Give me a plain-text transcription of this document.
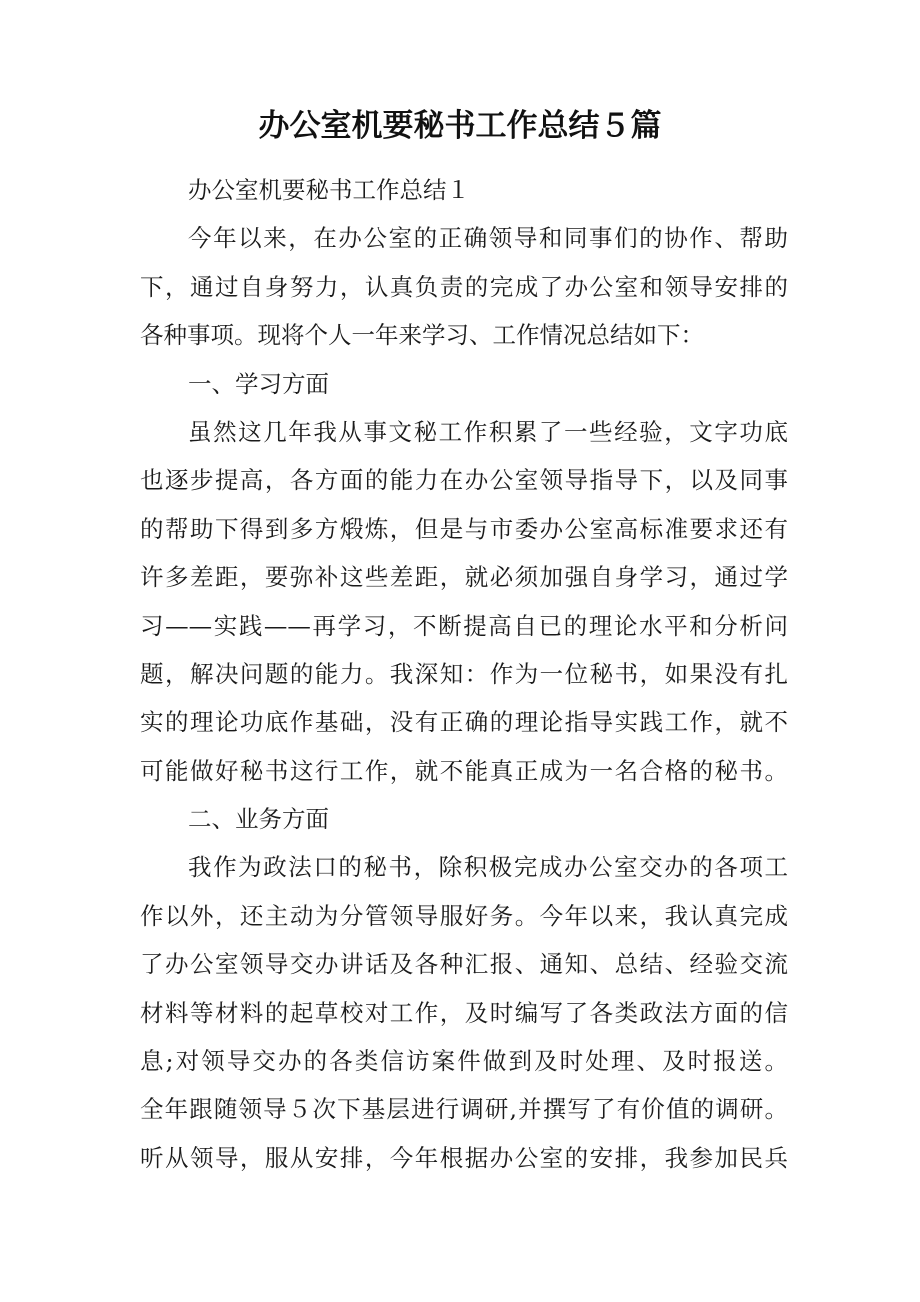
办公室机要秘书工作总结５篇
办公室机要秘书工作总结１
今年以来，在办公室的正确领导和同事们的协作、帮助
下，通过自身努力，认真负责的完成了办公室和领导安排的
各种事项。现将个人一年来学习、工作情况总结如下：
一、学习方面
虽然这几年我从事文秘工作积累了一些经验，文字功底
也逐步提高，各方面的能力在办公室领导指导下，以及同事
的帮助下得到多方煅炼，但是与市委办公室高标准要求还有
许多差距，要弥补这些差距，就必须加强自身学习，通过学
习——实践——再学习，不断提高自已的理论水平和分析问
题，解决问题的能力。我深知：作为一位秘书，如果没有扎
实的理论功底作基础，没有正确的理论指导实践工作，就不
可能做好秘书这行工作，就不能真正成为一名合格的秘书。
二、业务方面
我作为政法口的秘书，除积极完成办公室交办的各项工
作以外，还主动为分管领导服好务。今年以来，我认真完成
了办公室领导交办讲话及各种汇报、通知、总结、经验交流
材料等材料的起草校对工作，及时编写了各类政法方面的信
息;对领导交办的各类信访案件做到及时处理、及时报送。
全年跟随领导５次下基层进行调研,并撰写了有价值的调研。
听从领导，服从安排，今年根据办公室的安排，我参加民兵
